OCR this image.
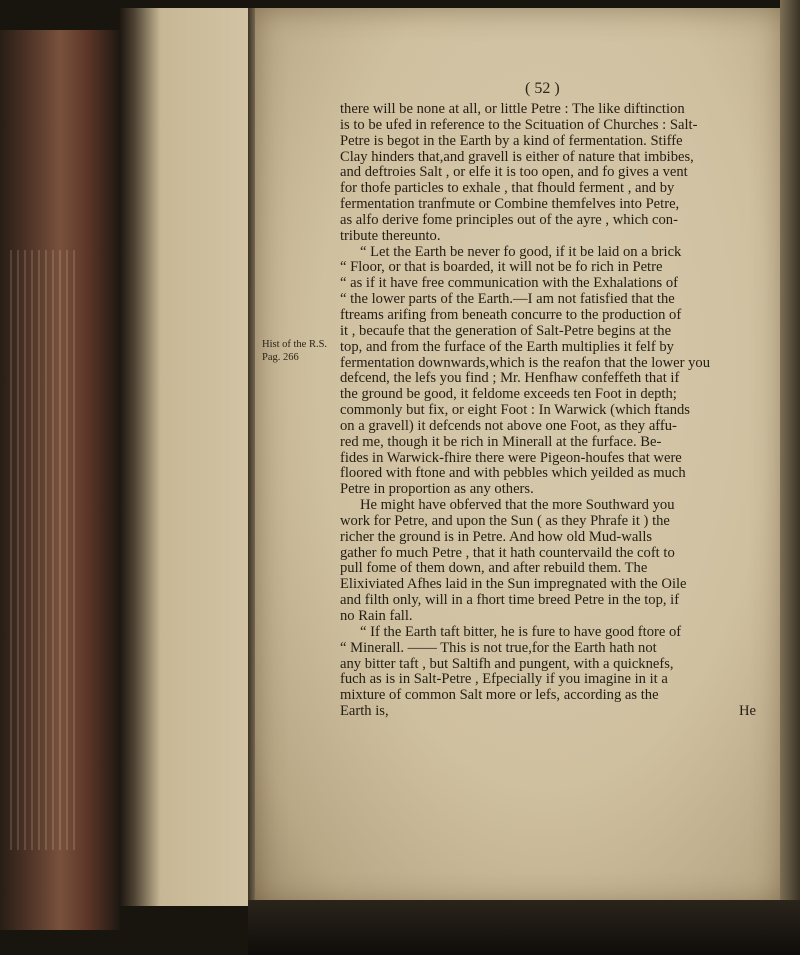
( 52 )
Hist of the R.S.
Pag. 266
there will be none at all, or little Petre : The like diftinction
is to be ufed in reference to the Scituation of Churches : Salt-
Petre is begot in the Earth by a kind of fermentation. Stiffe
Clay hinders that,and gravell is either of nature that imbibes,
and deftroies Salt , or elfe it is too open, and fo gives a vent
for thofe particles to exhale , that fhould ferment , and by
fermentation tranfmute or Combine themfelves into Petre,
as alfo derive fome principles out of the ayre , which con-
tribute thereunto.
“ Let the Earth be never fo good, if it be laid on a brick
“ Floor, or that is boarded, it will not be fo rich in Petre
“ as if it have free communication with the Exhalations of
“ the lower parts of the Earth.—I am not fatisfied that the
ftreams arifing from beneath concurre to the production of
it , becaufe that the generation of Salt-Petre begins at the
top, and from the furface of the Earth multiplies it felf by
fermentation downwards,which is the reafon that the lower you
defcend, the lefs you find ; Mr. Henfhaw confeffeth that if
the ground be good, it feldome exceeds ten Foot in depth;
commonly but fix, or eight Foot : In Warwick (which ftands
on a gravell) it defcends not above one Foot, as they affu-
red me, though it be rich in Minerall at the furface. Be-
fides in Warwick-fhire there were Pigeon-houfes that were
floored with ftone and with pebbles which yeilded as much
Petre in proportion as any others.
He might have obferved that the more Southward you
work for Petre, and upon the Sun ( as they Phrafe it ) the
richer the ground is in Petre. And how old Mud-walls
gather fo much Petre , that it hath countervaild the coft to
pull fome of them down, and after rebuild them. The
Elixiviated Afhes laid in the Sun impregnated with the Oile
and filth only, will in a fhort time breed Petre in the top, if
no Rain fall.
“ If the Earth taft bitter, he is fure to have good ftore of
“ Minerall. —— This is not true,for the Earth hath not
any bitter taft , but Saltifh and pungent, with a quicknefs,
fuch as is in Salt-Petre , Efpecially if you imagine in it a
mixture of common Salt more or lefs, according as the
Earth is,	He
